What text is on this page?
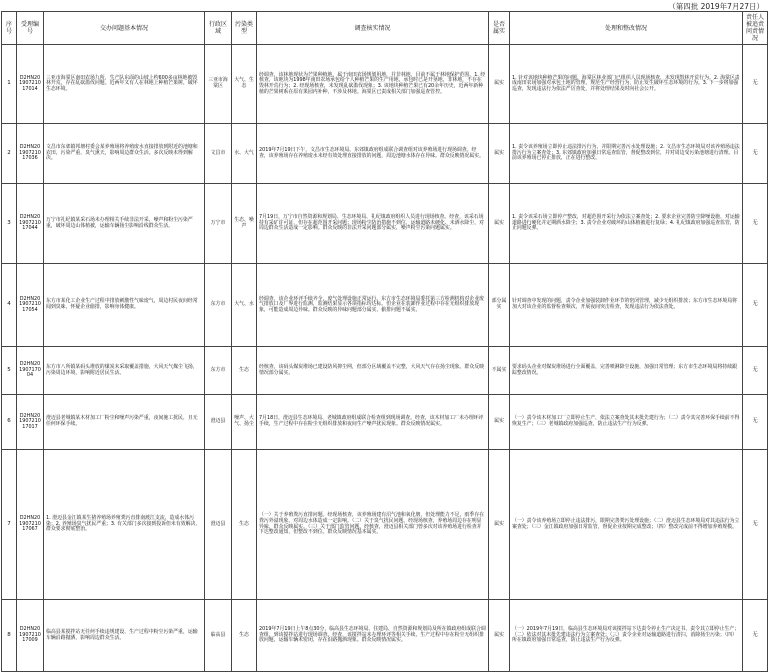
（第四批 2019年7月27日）
序号	受理编号	交办问题基本情况	行政区域	污染类型	调查核实情况	是否属实	处理和整改情况	责任人被追责问责情况
1	D2HN20190721017014	三亚市海棠区南田农场九所，生产队东面的山坡上约600多亩林地被毁林开荒，存在乱砍滥伐问题。近两年又有人在林地上种植芒果树，破坏生态环境。	三亚市海棠区	大气、生态	经调查，该林地现状为芒果种植地，属于南田农场规划用地，并非林地，目前不属于林地保护范围。1. 经核查，该地块为1998年南田农场承包给个人种植芒果的生产用地，承包时已是开垦地，非林地，不存在毁林开荒行为；2. 经现场核查，未发现乱砍滥伐现象；3. 该地块种植芒果已有20余年历史，近两年新种植的芒果树系在原有果园内补种，不涉及林地。海棠区已责成相关部门加强巡查管控。	属实	1. 针对该地块种植芒果的问题，海棠区林业部门已组织人员现场核查，未发现毁林开荒行为。2. 海棠区责成南田农场加强对承包土地的管理，规范生产经营行为，防止发生破坏生态环境的行为。3. 下一步将加强巡查，发现违法行为依法严厉查处，并将处理结果及时向社会公开。	无
2	D2HN20190721017036	文昌市东郊镇邦塘村委会某养殖场将养殖废水直接排放到附近的池塘和农田，污染严重，臭气熏天，影响周边群众生活。多次反映未得到解决。	文昌市	水、大气	2019年7月19日下午，文昌市生态环境局、东郊镇政府组成联合调查组对该养殖场进行现场调查。经查，该养殖场存在养殖废水未经有效处理直接排放的问题，周边池塘水体存在异味。群众反映情况属实。	属实	1. 责令该养殖场立即停止违法排污行为，并限期完善污水处理设施；2. 文昌市生态环境局对该养殖场违法排污行为立案查处；3. 东郊镇政府加强日常巡查监管，督促整改到位，并对周边受污染池塘进行清理。目前该养殖场已停止排放，正在进行整改。	无
3	D2HN20190721017044	万宁市礼纪镇某采石场未办理相关手续非法开采，噪声和粉尘污染严重，破坏周边山体植被，运输车辆扬尘影响沿线群众生活。	万宁市	生态、噪声	7月19日，万宁市自然资源和规划局、生态环境局、礼纪镇政府组织人员进行现场核查。经查，该采石场持有采矿许可证，但存在超范围开采问题；现场粉尘防治措施不到位，运输道路未硬化、未洒水降尘，对周边群众生活造成一定影响。群众反映的非法开采问题部分属实，噪声粉尘污染问题属实。	属实	1. 责令该采石场立即停产整改，对超范围开采行为依法立案查处；2. 要求企业完善防尘降噪设施，对运输道路进行硬化并定期洒水降尘；3. 责令企业对破坏的山体植被进行复绿；4. 礼纪镇政府加强巡查监管，防止问题反弹。	无
4	D2HN20190721017054	东方市某化工企业生产过程中排放刺激性气味废气，周边村民夜间经常闻到臭味，怀疑企业偷排，影响身体健康。	东方市	大气、水	经调查，该企业环评手续齐全，废气处理设施正常运行。东方市生态环境局委托第三方检测机构对企业废气排放口及厂界进行监测，监测结果显示各项指标均达标。但企业在装卸作业过程中存在无组织排放现象，可能造成周边异味。群众反映的异味问题部分属实，偷排问题不属实。	部分属实	针对调查中发现的问题，责令企业加强装卸作业环节的密闭管理，减少无组织排放；东方市生态环境局将加大对该企业的监督检查频次，开展夜间突击检查，发现违法行为依法查处。	无
5	D2HN20190717004	东方市八所镇某码头堆放的煤炭未采取覆盖措施，大风天气煤尘飞扬，污染周边环境，影响附近居民生活。	东方市	生态	经核查，该码头煤炭堆场已建设防风抑尘网，但部分区域覆盖不完整，大风天气存在扬尘现象。群众反映情况部分属实。	不属实	要求码头企业对煤炭堆场进行全面覆盖，完善喷淋降尘设施，加强日常管理；东方市生态环境局将持续跟踪整改情况。	无
6	D2HN20190721017017	澄迈县老城镇某木材加工厂粉尘和噪声污染严重，夜间施工扰民，且无任何环保手续。	澄迈县	噪声、大气、扬尘	7月18日，澄迈县生态环境局、老城镇政府组成联合检查组到现场调查。经查，该木材加工厂未办理环评手续，生产过程中存在粉尘无组织排放和夜间生产噪声扰民现象。群众反映情况属实。	属实	（一）责令该木材加工厂立即停止生产，依法立案查处其未批先建行为；（二）责令其完善环保手续前不得恢复生产；（三）老城镇政府加强巡查，防止违法生产行为反弹。	无
7	D2HN20190721017067	1. 澄迈县金江镇某生猪养殖场养殖粪污直排南渡江支流，造成水体污染；2. 养殖场臭气扰民严重；3. 有关部门多次接到投诉但未有效解决，群众要求彻底整治。	澄迈县	生态	（一）关于养殖粪污直排问题。经现场核查，该养殖场建有沼气池和氧化塘，但处理能力不足，雨季存在粪污外溢现象，对周边水体造成一定影响。（二）关于臭气扰民问题。经现场核查，养殖场周边存在明显异味，群众反映属实。（三）关于部门监管问题。经核查，澄迈县相关部门曾多次对该养殖场进行检查并下达整改通知，但整改不到位。群众反映情况基本属实。	属实	（一）责令该养殖场立即停止违法排污，限期完善粪污处理设施；（二）澄迈县生态环境局对其违法行为立案查处；（三）金江镇政府加强日常监管，督促企业按期完成整改；（四）整改完成前不得增加养殖规模。	无
8	D2HN20190721017009	临高县某搅拌站无任何手续违规建设，生产过程中粉尘污染严重，运输车辆沿路抛洒，影响周边群众生活。	临高县	生态	2019年7月19日上午8点30分，临高县生态环境局、住建局、自然资源和规划局及所在镇政府组成联合调查组，到该搅拌站进行现场调查。经查，该搅拌站未办理环评等相关手续，生产过程中存在粉尘无组织排放问题，运输车辆未密闭，存在沿路抛洒现象。群众反映情况属实。	属实	（一）2019年7月19日，临高县生态环境局对该搅拌站下达责令停止生产决定书，责令其立即停止生产；（二）依法对其未批先建违法行为立案查处；（三）责令企业对运输道路进行清扫，消除扬尘污染；（四）所在镇政府加强日常巡查，防止违法生产行为反弹。	无
